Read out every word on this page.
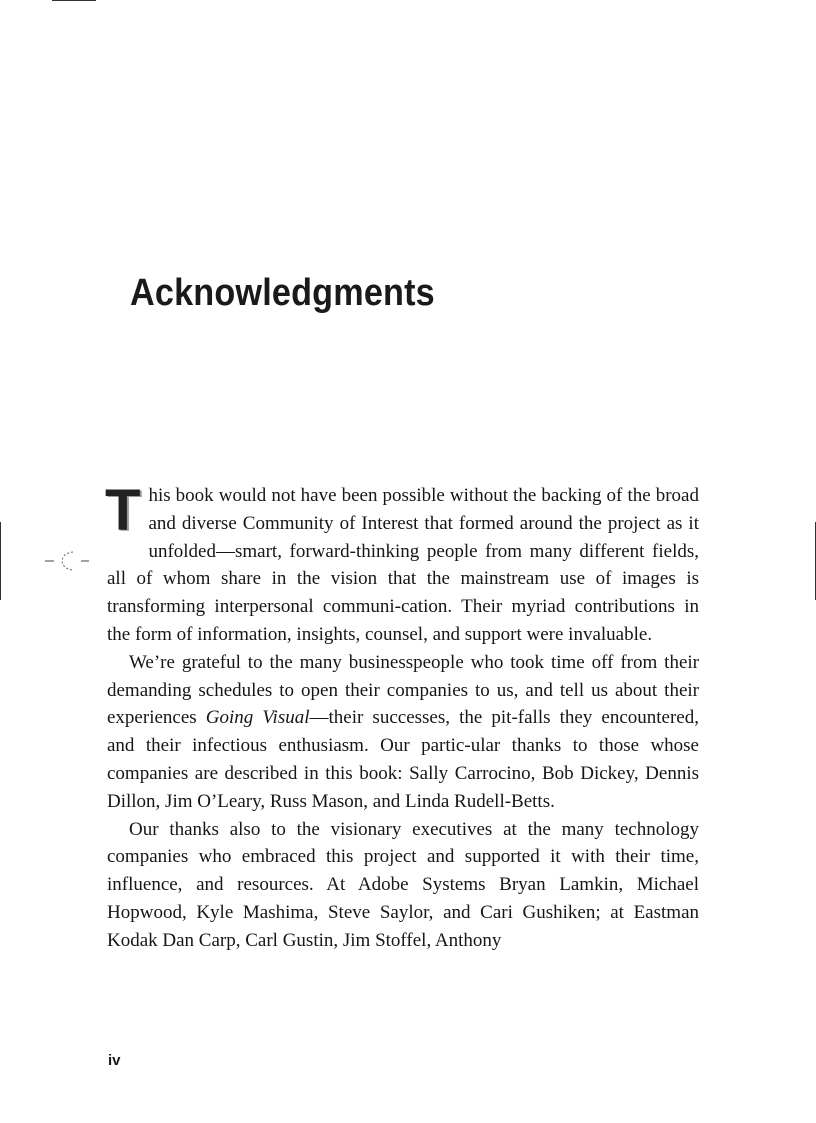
Acknowledgments

This book would not have been possible without the backing of the broad and diverse Community of Interest that formed around the project as it unfolded—smart, forward-thinking people from many different fields, all of whom share in the vision that the mainstream use of images is transforming interpersonal communi-cation. Their myriad contributions in the form of information, insights, counsel, and support were invaluable.

We’re grateful to the many businesspeople who took time off from their demanding schedules to open their companies to us, and tell us about their experiences Going Visual—their successes, the pit-falls they encountered, and their infectious enthusiasm. Our partic-ular thanks to those whose companies are described in this book: Sally Carrocino, Bob Dickey, Dennis Dillon, Jim O’Leary, Russ Mason, and Linda Rudell-Betts.

Our thanks also to the visionary executives at the many technology companies who embraced this project and supported it with their time, influence, and resources. At Adobe Systems Bryan Lamkin, Michael Hopwood, Kyle Mashima, Steve Saylor, and Cari Gushiken; at Eastman Kodak Dan Carp, Carl Gustin, Jim Stoffel, Anthony

iv
